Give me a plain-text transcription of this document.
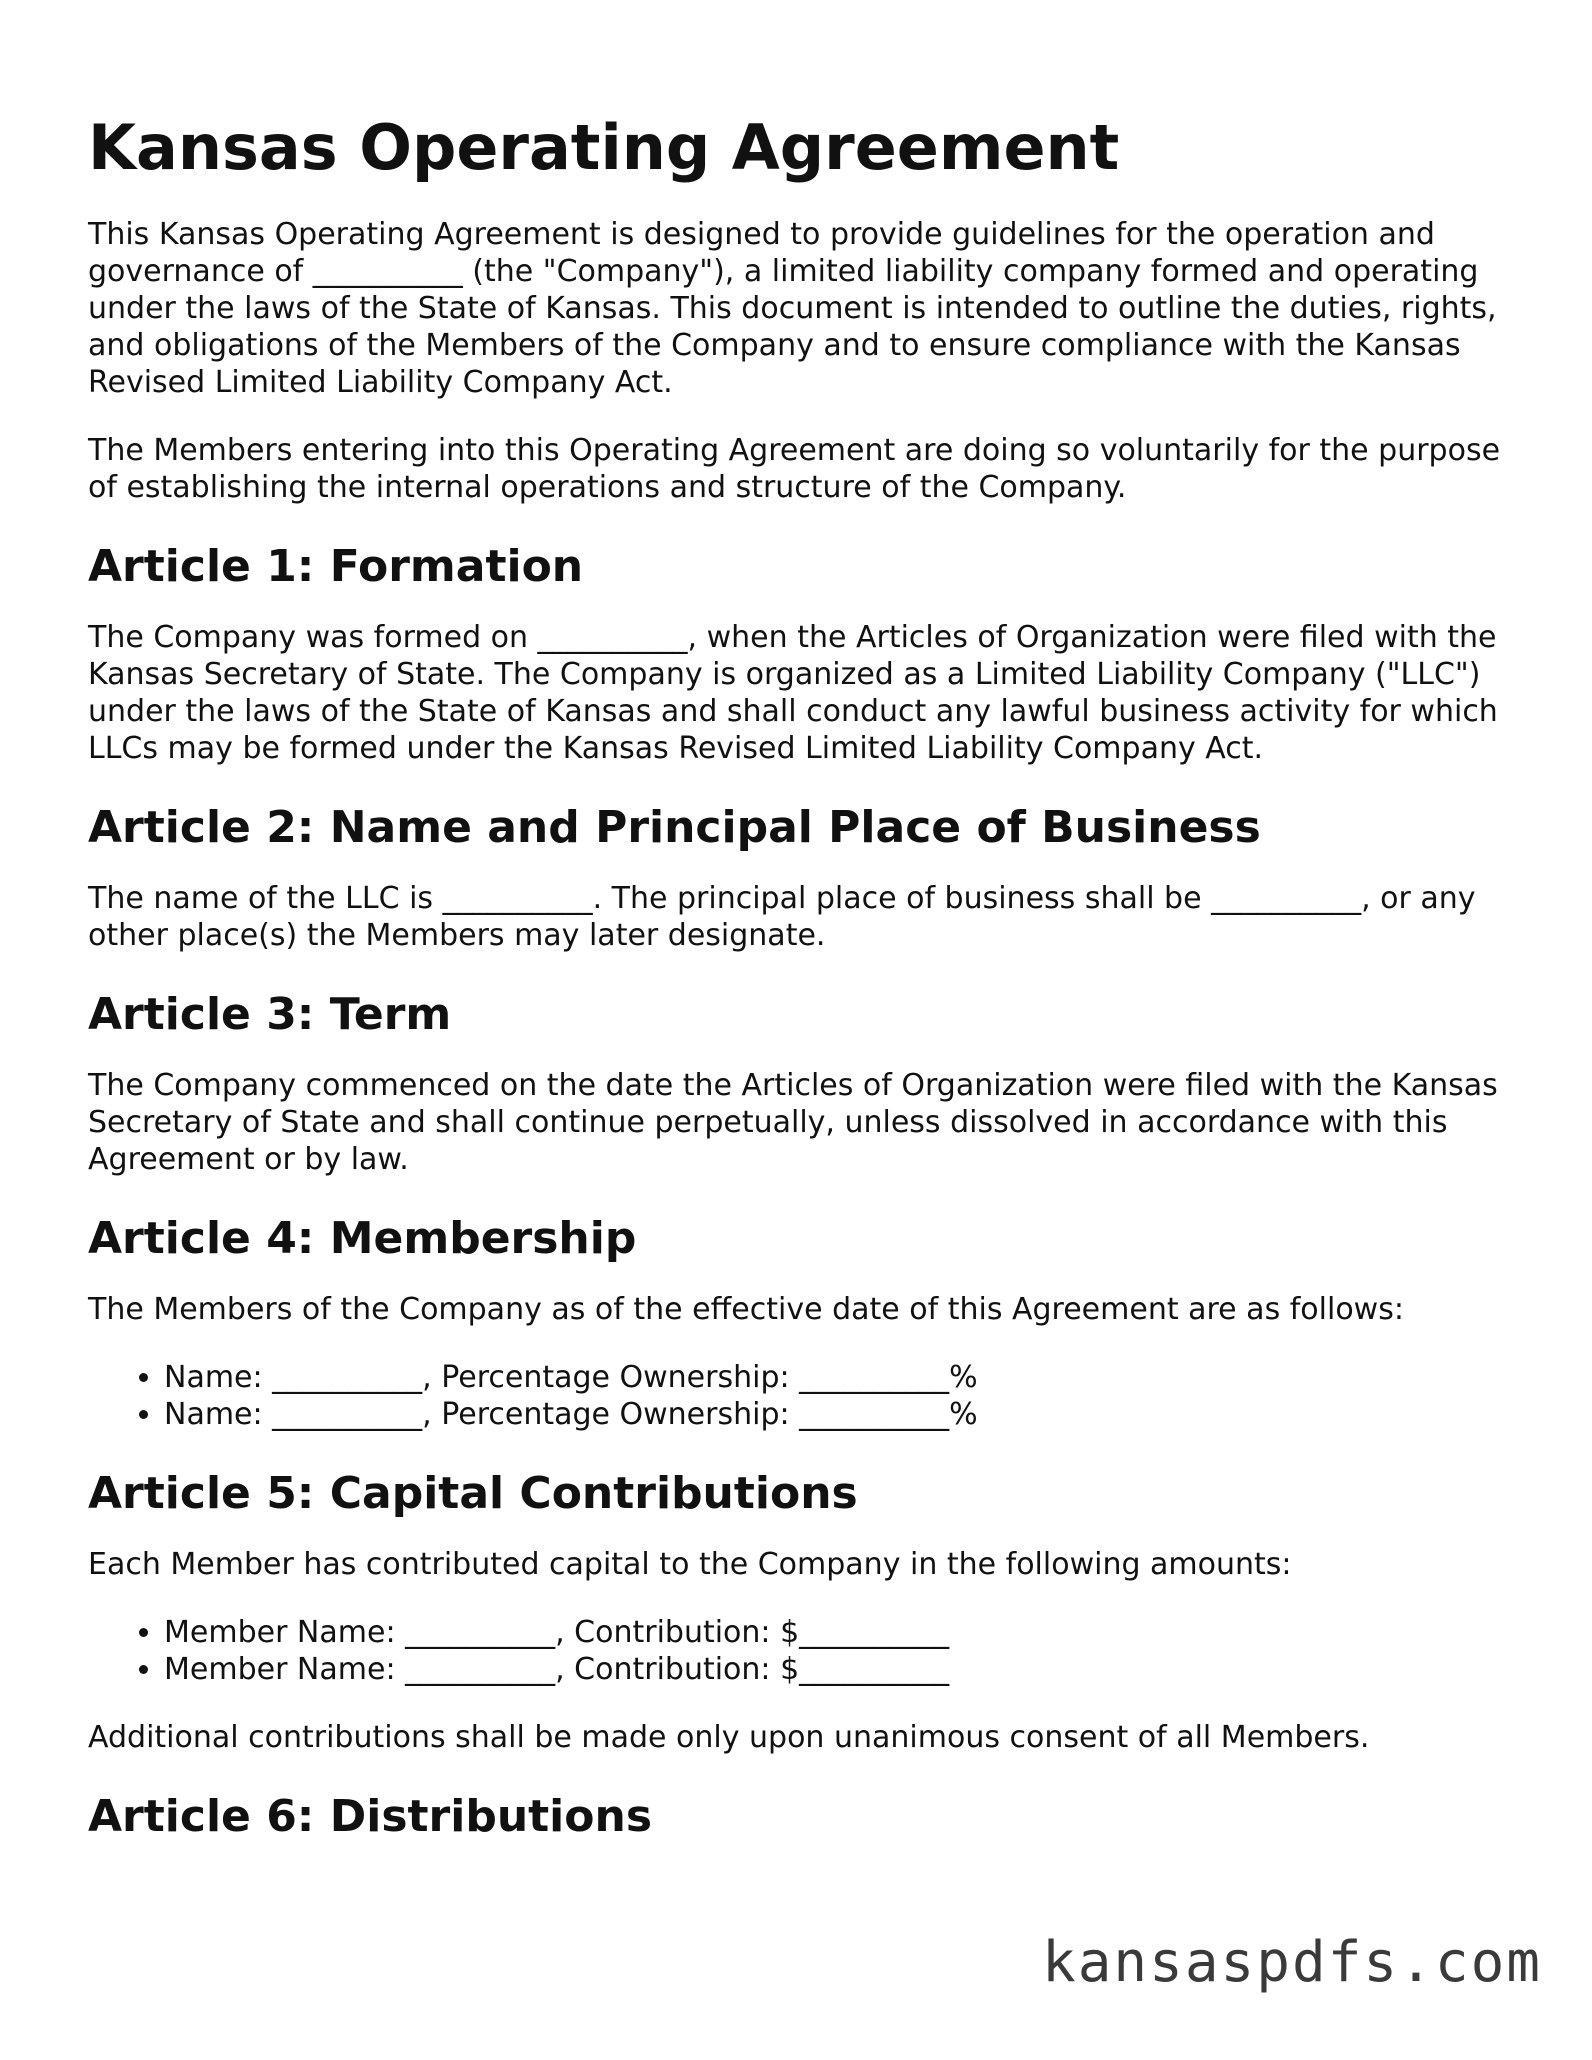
Kansas Operating Agreement

This Kansas Operating Agreement is designed to provide guidelines for the operation and governance of __________ (the "Company"), a limited liability company formed and operating under the laws of the State of Kansas. This document is intended to outline the duties, rights, and obligations of the Members of the Company and to ensure compliance with the Kansas Revised Limited Liability Company Act.

The Members entering into this Operating Agreement are doing so voluntarily for the purpose of establishing the internal operations and structure of the Company.

Article 1: Formation

The Company was formed on __________, when the Articles of Organization were filed with the Kansas Secretary of State. The Company is organized as a Limited Liability Company ("LLC") under the laws of the State of Kansas and shall conduct any lawful business activity for which LLCs may be formed under the Kansas Revised Limited Liability Company Act.

Article 2: Name and Principal Place of Business

The name of the LLC is __________. The principal place of business shall be __________, or any other place(s) the Members may later designate.

Article 3: Term

The Company commenced on the date the Articles of Organization were filed with the Kansas Secretary of State and shall continue perpetually, unless dissolved in accordance with this Agreement or by law.

Article 4: Membership

The Members of the Company as of the effective date of this Agreement are as follows:

• Name: __________, Percentage Ownership: __________%
• Name: __________, Percentage Ownership: __________%
Article 5: Capital Contributions

Each Member has contributed capital to the Company in the following amounts:

• Member Name: __________, Contribution: $__________
• Member Name: __________, Contribution: $__________

Additional contributions shall be made only upon unanimous consent of all Members.

Article 6: Distributions
kansaspdfs.com
